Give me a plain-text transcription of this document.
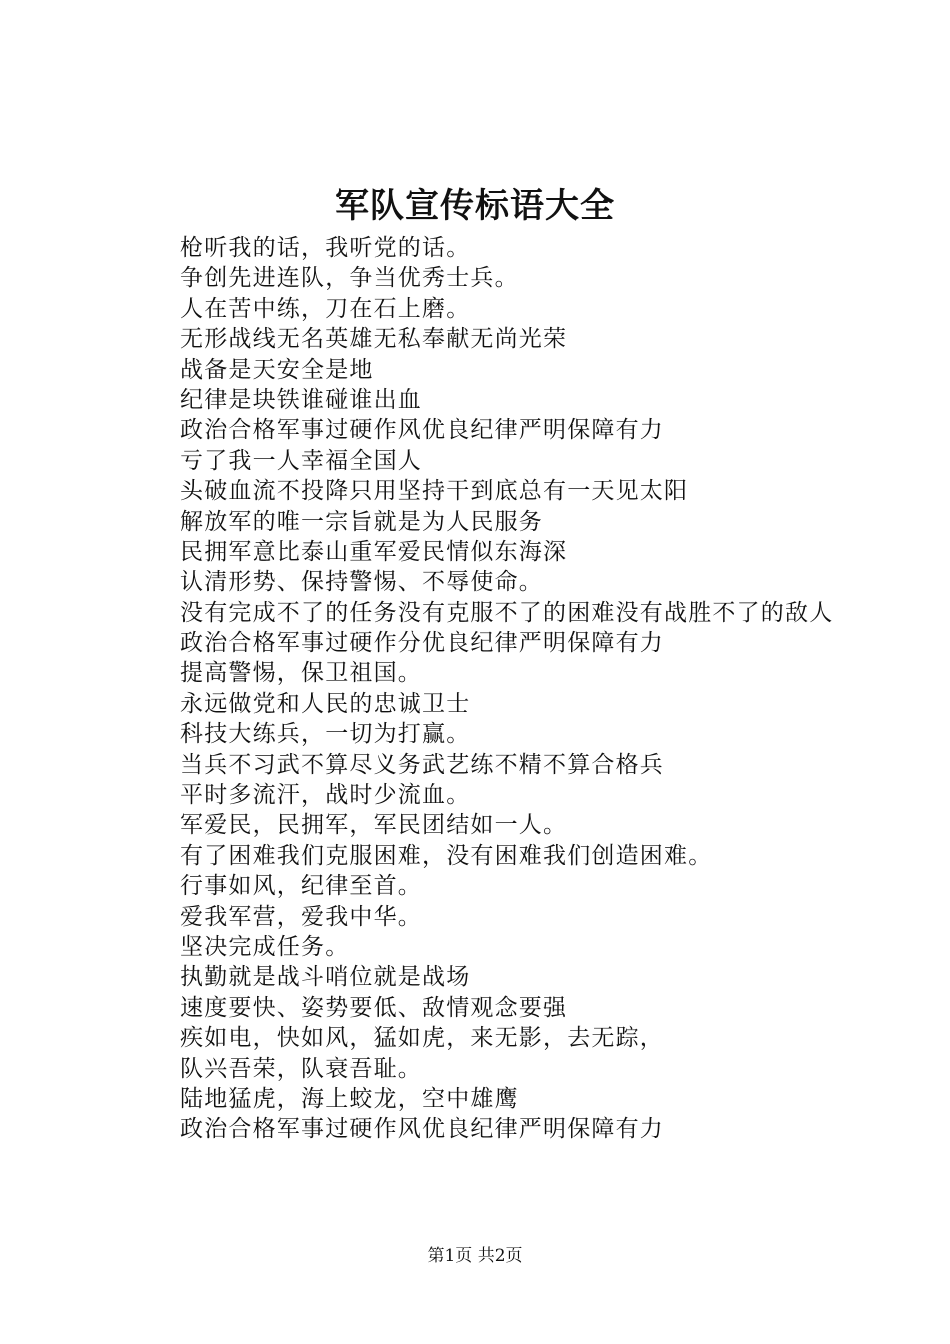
军队宣传标语大全
枪听我的话，我听党的话。
争创先进连队，争当优秀士兵。
人在苦中练，刀在石上磨。
无形战线无名英雄无私奉献无尚光荣
战备是天安全是地
纪律是块铁谁碰谁出血
政治合格军事过硬作风优良纪律严明保障有力
亏了我一人幸福全国人
头破血流不投降只用坚持干到底总有一天见太阳
解放军的唯一宗旨就是为人民服务
民拥军意比泰山重军爱民情似东海深
认清形势、保持警惕、不辱使命。
没有完成不了的任务没有克服不了的困难没有战胜不了的敌人
政治合格军事过硬作分优良纪律严明保障有力
提高警惕，保卫祖国。
永远做党和人民的忠诚卫士
科技大练兵，一切为打赢。
当兵不习武不算尽义务武艺练不精不算合格兵
平时多流汗，战时少流血。
军爱民，民拥军，军民团结如一人。
有了困难我们克服困难，没有困难我们创造困难。
行事如风，纪律至首。
爱我军营，爱我中华。
坚决完成任务。
执勤就是战斗哨位就是战场
速度要快、姿势要低、敌情观念要强
疾如电，快如风，猛如虎，来无影，去无踪，
队兴吾荣，队衰吾耻。
陆地猛虎，海上蛟龙，空中雄鹰
政治合格军事过硬作风优良纪律严明保障有力
第1页 共2页
